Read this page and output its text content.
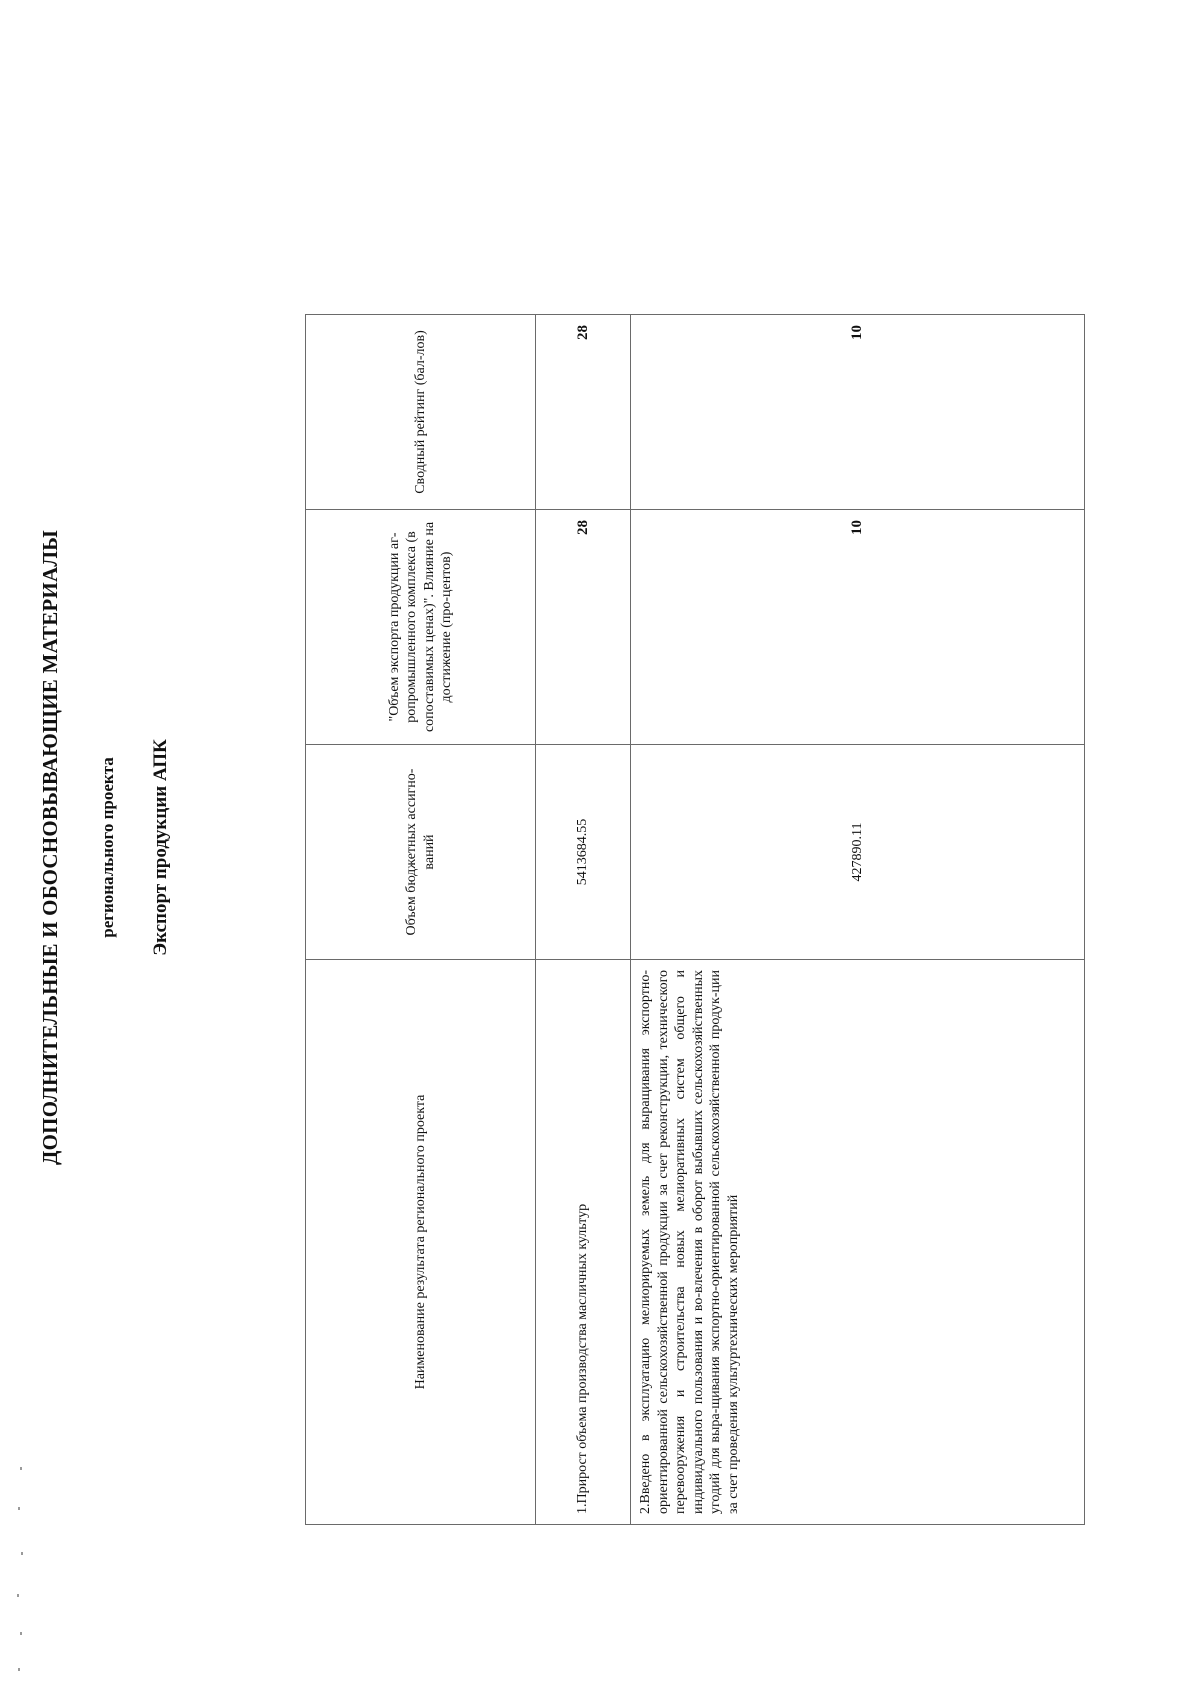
ДОПОЛНИТЕЛЬНЫЕ И ОБОСНОВЫВАЮЩИЕ МАТЕРИАЛЫ регионального проекта Экспорт продукции АПК
Наименование результата регионального проекта	Объем бюджетных ассигно-ваний	"Объем экспорта продукции аг-ропромышленного комплекса (в сопоставимых ценах)". Влияние на достижение (про-центов)	Сводный рейтинг (бал-лов)
1.Прирост объема производства масличных культур	5413684.55	28	28

2.Введено в эксплуатацию мелиорируемых земель для выращивания экспортно-ориентированной сельскохозяйственной продукции за счет реконструкции, технического перевооружения и строительства новых мелиоративных систем общего и индивидуального пользования и во-влечения в оборот выбывших сельскохозяйственных угодий для выра-щивания экспортно-ориентированной сельскохозяйственной продук-ции за счет проведения культуртехнических мероприятий	427890.11	10	10
